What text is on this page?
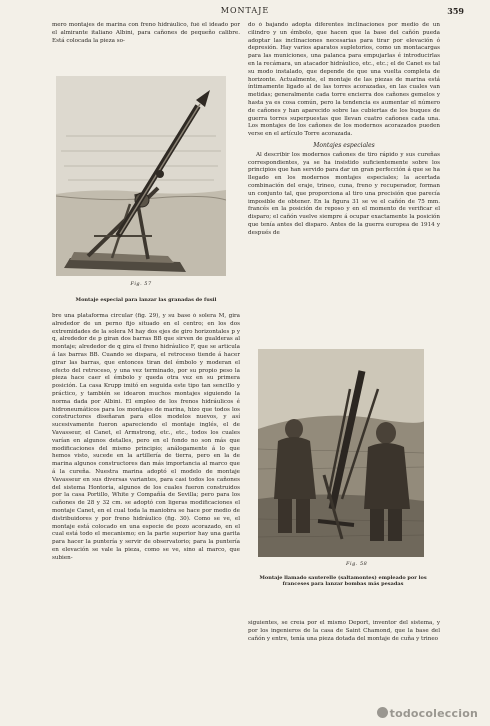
MONTAJE	359

mero montajes de marina con freno hidráulico, fué el ideado por el almirante italiano Albini, para cañones de pequeño calibre. Está colocada la pieza so-

Fig. 57
Montaje especial para lanzar las granadas de fusil

bre una plataforma circular (fig. 29), y su base ó solera M, gira alrededor de un perno fijo situado en el centro; en los dos extremidades de la solera M hay dos ejes de giro horizontales p y q, alrededor de p giran dos barras BB que sirven de gualderas al montaje; alrededor de q gira el freno hidráulico F, que se articula á las barras BB. Cuando se dispara, el retroceso tiende á hacer girar las barras, que entonces tiran del émbolo y moderan el efecto del retroceso, y una vez terminado, por su propio peso la pieza hace caer el émbolo y queda otra vez en su primera posición. La casa Krupp imitó en seguida este tipo tan sencillo y práctico, y también se idearon muchos montajes siguiendo la norma dada por Albini. El empleo de los frenos hidráulicos é hidroneumáticos para los montajes de marina, hizo que todos los constructores diseñaran para ellos modelos nuevos, y así sucesivamente fueron apareciendo el montaje inglés, el de Vavasseur, el Canet, el Armstrong, etc., etc., todos los cuales varían en algunos detalles, pero en el fondo no son más que modificaciones del mismo principio; análogamente á lo que hemos visto, sucede en la artillería de tierra, pero en la de marina algunos constructores dan más importancia al marco que á la cureña. Nuestra marina adoptó el modelo de montaje Vavasseur en sus diversas variantes, para casi todos los cañones del sistema Hontoria, algunos de los cuales fueron construidos por la casa Portillo, White y Compañía de Sevilla; pero para los cañones de 28 y 32 cm. se adoptó con ligeras modificaciones el montaje Canet, en el cual toda la maniobra se hace por medio de distribuidores y por freno hidráulico (fig. 30). Como se ve, el montaje está colocado en una especie de pozo acorazado, en el cual está todo el mecanismo; en la parte superior hay una garita para hacer la puntería y servir de observatorio; para la puntería en elevación se vale la pieza, como se ve, sino al marco, que subien-

do ó bajando adopta diferentes inclinaciones por medio de un cilindro y un émbolo, que hacen que la base del cañón pueda adoptar las inclinaciones necesarias para tirar por elevación ó depresión. Hay varios aparatos supletorios, como un montacargas para las municiones, una palanca para empujarlas é introducirlas en la recámara, un atacador hidráulico, etc., etc.; el de Canet es tal su modo instalado, que depende de que una vuelta completa de horizonte. Actualmente, el montaje de las piezas de marina está íntimamente ligado al de las torres acorazadas, en las cuales van metidas; generalmente cada torre encierra dos cañones gemelos y hasta ya es cosa común, pero la tendencia es aumentar el número de cañones y han aparecido sobre las cubiertas de los buques de guerra torres superpuestas que llevan cuatro cañones cada una. Los montajes de los cañones de los modernos acorazados pueden verse en el artículo Torre acorazada.

Montajes especiales

Al describir los modernos cañones de tiro rápido y sus cureñas correspondientes, ya se ha insistido suficientemente sobre los principios que han servido para dar un gran perfección á que se ha llegado en los modernos montajes especiales; la acertada combinación del eraje, trineo, cuna, freno y recuperador, forman un conjunto tal, que proporciona al tiro una precisión que parecía imposible de obtener. En la figura 31 se ve el cañón de 75 mm. francés en la posición de reposo y en el momento de verificar el disparo; el cañón vuelve siempre á ocupar exactamente la posición que tenía antes del disparo. Antes de la guerra europea de 1914 y después de

Fig. 58
Montaje llamado sauterelle (saltamontes) empleado por los franceses para lanzar bombas más pesadas

siguientes, se creía por el mismo Deport, inventor del sistema, y por los ingenieros de la casa de Saint Chamond, que la base del cañón y entre, tenía una pieza dotada del montaje de cuña y trineo

todocoleccion
